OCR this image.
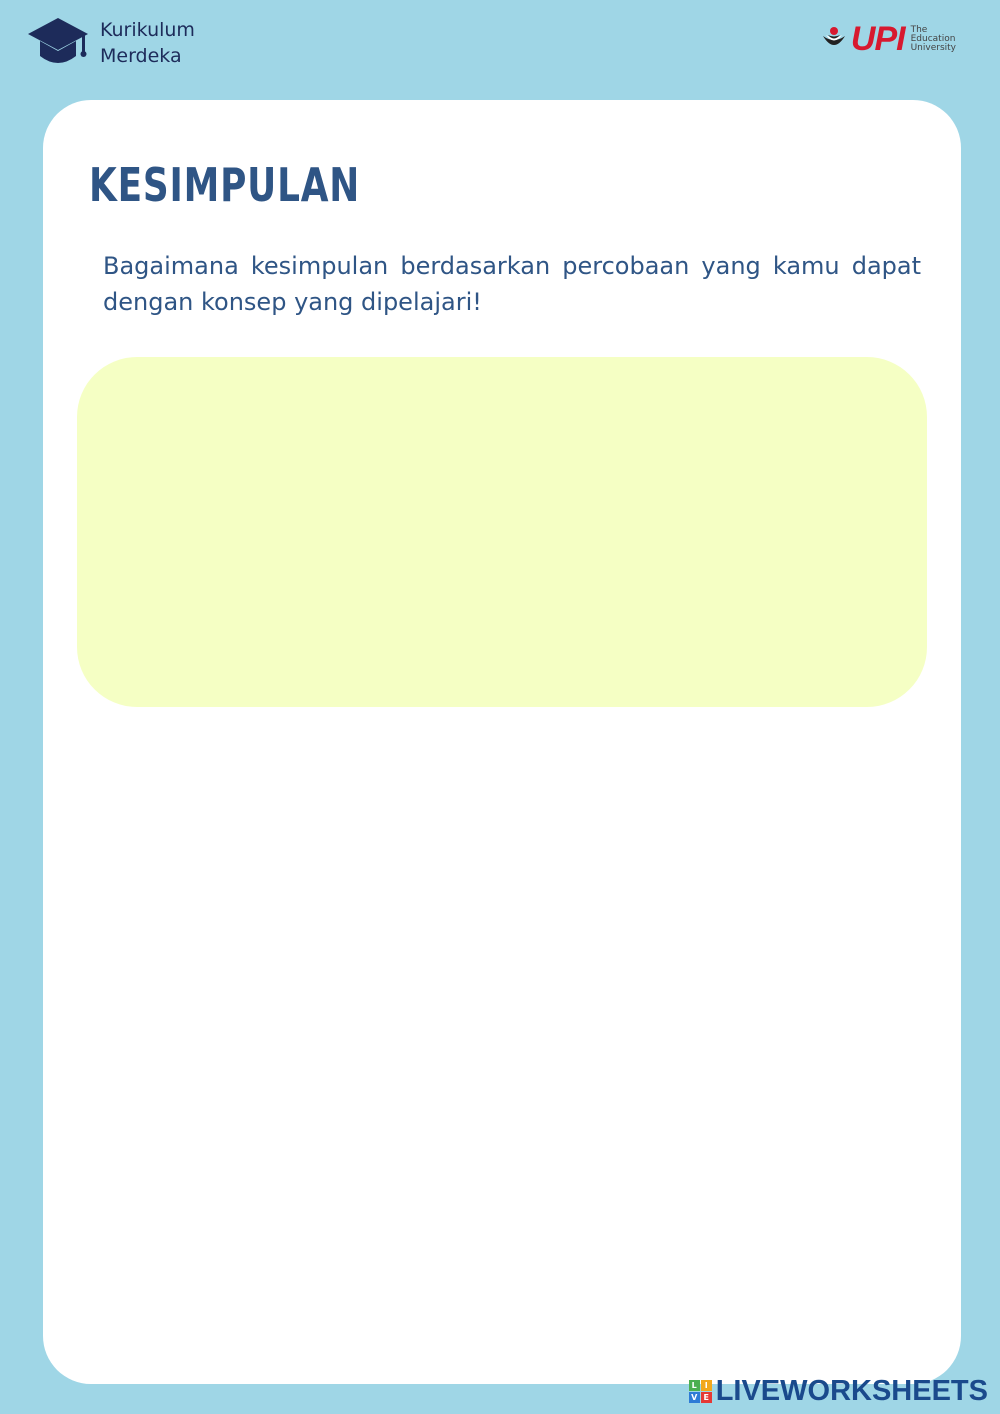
Kurikulum
Merdeka	UPI The
Education
University
KESIMPULAN

Bagaimana kesimpulan berdasarkan percobaan yang kamu dapat dengan konsep yang dipelajari!

L I
V E LIVEWORKSHEETS
